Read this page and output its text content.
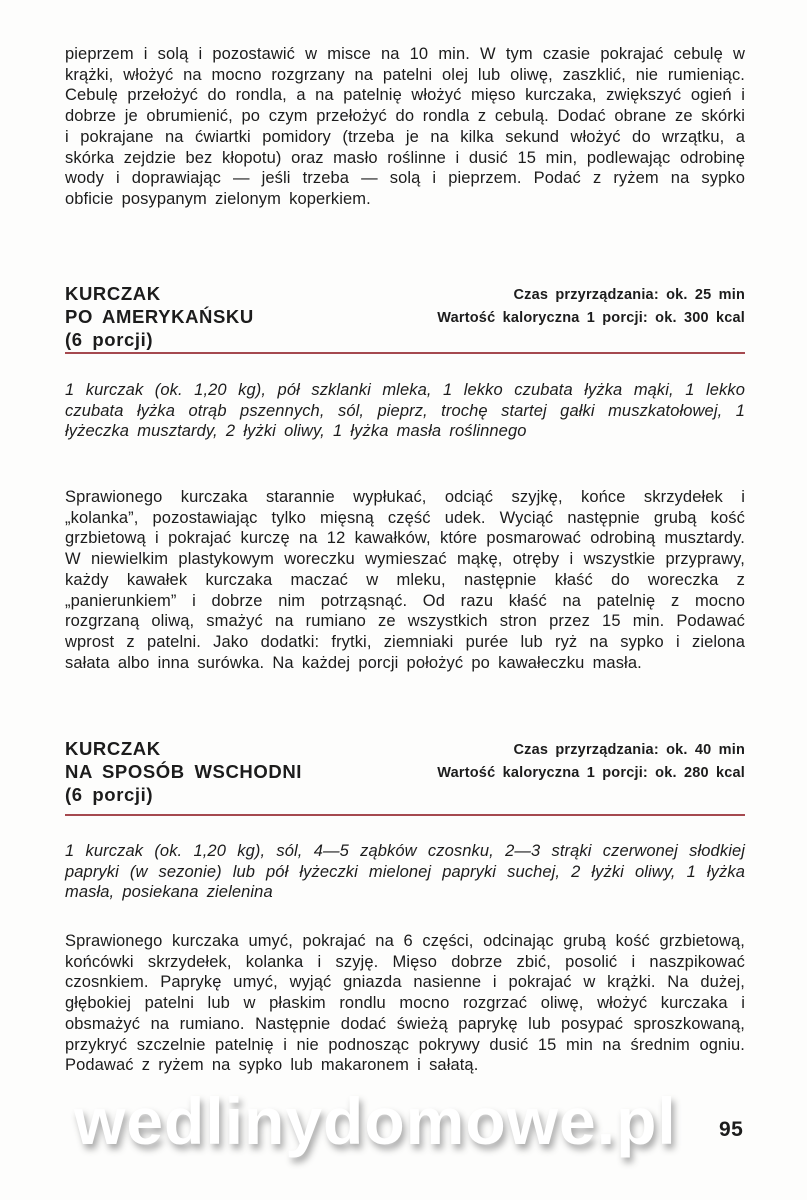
pieprzem i solą i pozostawić w misce na 10 min. W tym czasie pokrajać cebulę w krążki, włożyć na mocno rozgrzany na patelni olej lub oliwę, zaszklić, nie rumieniąc. Cebulę przełożyć do rondla, a na patelnię włożyć mięso kurczaka, zwiększyć ogień i dobrze je obrumienić, po czym przełożyć do rondla z cebulą. Dodać obrane ze skórki i pokrajane na ćwiartki pomidory (trzeba je na kilka sekund włożyć do wrzątku, a skórka zejdzie bez kłopotu) oraz masło roślinne i dusić 15 min, podlewając odrobinę wody i doprawiając — jeśli trzeba — solą i pieprzem. Podać z ryżem na sypko obficie posypanym zielonym koperkiem.

KURCZAK
PO AMERYKAŃSKU
(6 porcji)
Czas przyrządzania: ok. 25 min
Wartość kaloryczna 1 porcji: ok. 300 kcal

1 kurczak (ok. 1,20 kg), pół szklanki mleka, 1 lekko czubata łyżka mąki, 1 lekko czubata łyżka otrąb pszennych, sól, pieprz, trochę startej gałki muszkatołowej, 1 łyżeczka musztardy, 2 łyżki oliwy, 1 łyżka masła roślinnego

Sprawionego kurczaka starannie wypłukać, odciąć szyjkę, końce skrzydełek i „kolanka”, pozostawiając tylko mięsną część udek. Wyciąć następnie grubą kość grzbietową i pokrajać kurczę na 12 kawałków, które posmarować odrobiną musztardy. W niewielkim plastykowym woreczku wymieszać mąkę, otręby i wszystkie przyprawy, każdy kawałek kurczaka maczać w mleku, następnie kłaść do woreczka z „panierunkiem” i dobrze nim potrząsnąć. Od razu kłaść na patelnię z mocno rozgrzaną oliwą, smażyć na rumiano ze wszystkich stron przez 15 min. Podawać wprost z patelni. Jako dodatki: frytki, ziemniaki purée lub ryż na sypko i zielona sałata albo inna surówka. Na każdej porcji położyć po kawałeczku masła.

KURCZAK
NA SPOSÓB WSCHODNI
(6 porcji)
Czas przyrządzania: ok. 40 min
Wartość kaloryczna 1 porcji: ok. 280 kcal

1 kurczak (ok. 1,20 kg), sól, 4—5 ząbków czosnku, 2—3 strąki czerwonej słodkiej papryki (w sezonie) lub pół łyżeczki mielonej papryki suchej, 2 łyżki oliwy, 1 łyżka masła, posiekana zielenina

Sprawionego kurczaka umyć, pokrajać na 6 części, odcinając grubą kość grzbietową, końcówki skrzydełek, kolanka i szyję. Mięso dobrze zbić, posolić i naszpikować czosnkiem. Paprykę umyć, wyjąć gniazda nasienne i pokrajać w krążki. Na dużej, głębokiej patelni lub w płaskim rondlu mocno rozgrzać oliwę, włożyć kurczaka i obsmażyć na rumiano. Następnie dodać świeżą paprykę lub posypać sproszkowaną, przykryć szczelnie patelnię i nie podnosząc pokrywy dusić 15 min na średnim ogniu. Podawać z ryżem na sypko lub makaronem i sałatą.

wedlinydomowe.pl 95
